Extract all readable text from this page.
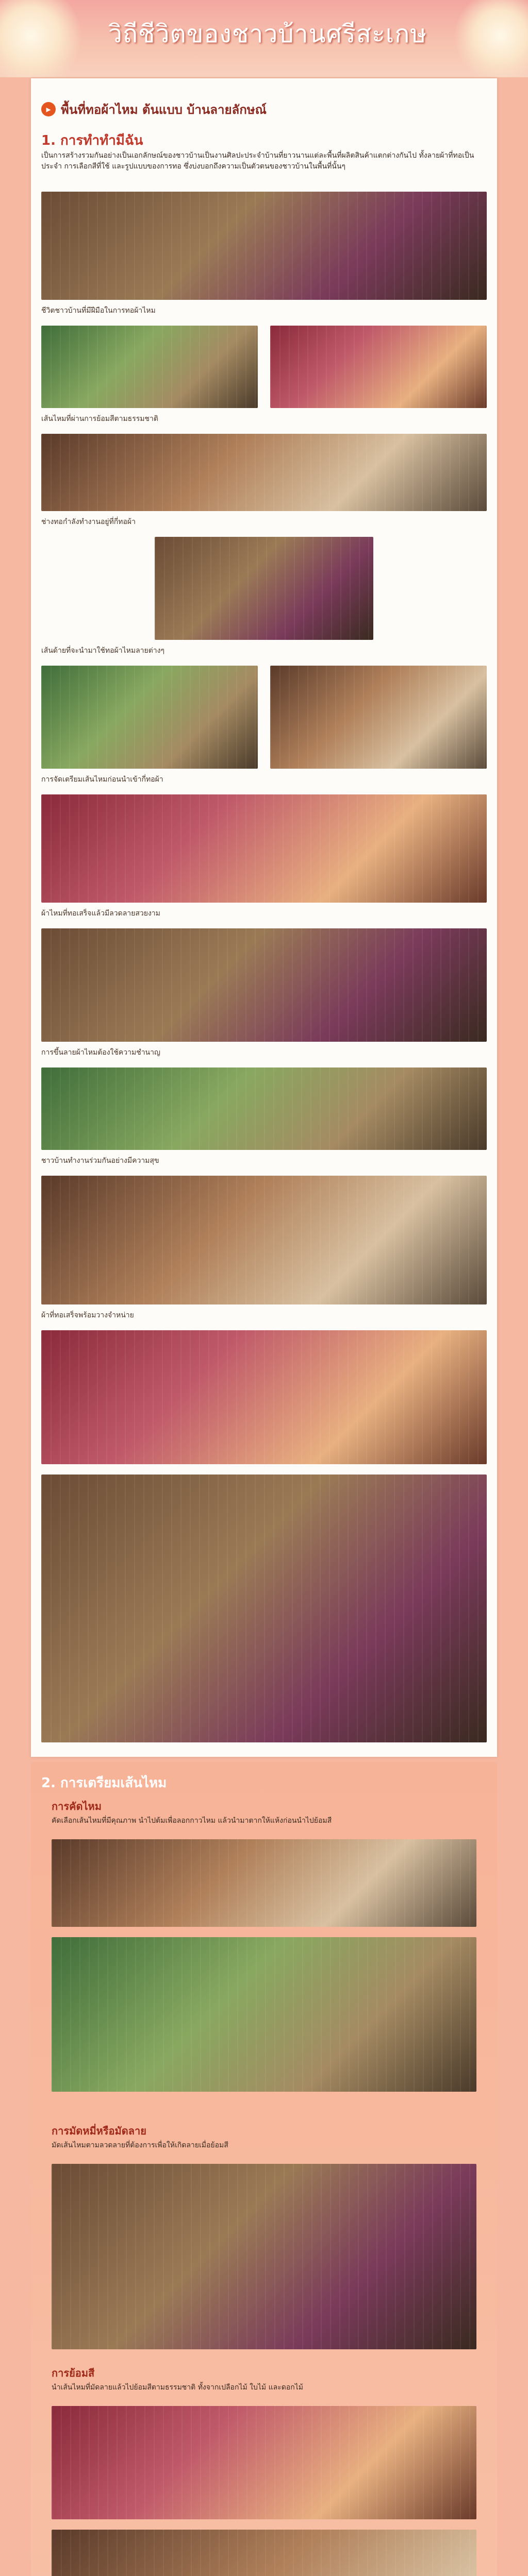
วิถีชีวิตของชาวบ้านศรีสะเกษ
▸ พื้นที่ทอผ้าไหม ต้นแบบ บ้านลายลักษณ์
1. การทำทำมีฉัน
เป็นการสร้างรวมกันอย่างเป็นเอกลักษณ์ของชาวบ้านเป็นงานศิลปะประจำบ้านที่ยาวนานแต่ละพื้นที่ผลิตสินค้าแตกต่างกันไป ทั้งลายผ้าที่ทอเป็นประจำ การเลือกสีที่ใช้ และรูปแบบของการทอ ซึ่งบ่งบอกถึงความเป็นตัวตนของชาวบ้านในพื้นที่นั้นๆ
ชีวิตชาวบ้านที่มีฝีมือในการทอผ้าไหม
เส้นไหมที่ผ่านการย้อมสีตามธรรมชาติ
ช่างทอกำลังทำงานอยู่ที่กี่ทอผ้า
เส้นด้ายที่จะนำมาใช้ทอผ้าไหมลายต่างๆ
การจัดเตรียมเส้นไหมก่อนนำเข้ากี่ทอผ้า
ผ้าไหมที่ทอเสร็จแล้วมีลวดลายสวยงาม
การขึ้นลายผ้าไหมต้องใช้ความชำนาญ
ชาวบ้านทำงานร่วมกันอย่างมีความสุข
ผ้าที่ทอเสร็จพร้อมวางจำหน่าย
2. การเตรียมเส้นไหม
การคัดไหม
คัดเลือกเส้นไหมที่มีคุณภาพ นำไปต้มเพื่อลอกกาวไหม แล้วนำมาตากให้แห้งก่อนนำไปย้อมสี
การมัดหมี่หรือมัดลาย
มัดเส้นไหมตามลวดลายที่ต้องการเพื่อให้เกิดลายเมื่อย้อมสี
การย้อมสี
นำเส้นไหมที่มัดลายแล้วไปย้อมสีตามธรรมชาติ ทั้งจากเปลือกไม้ ใบไม้ และดอกไม้
